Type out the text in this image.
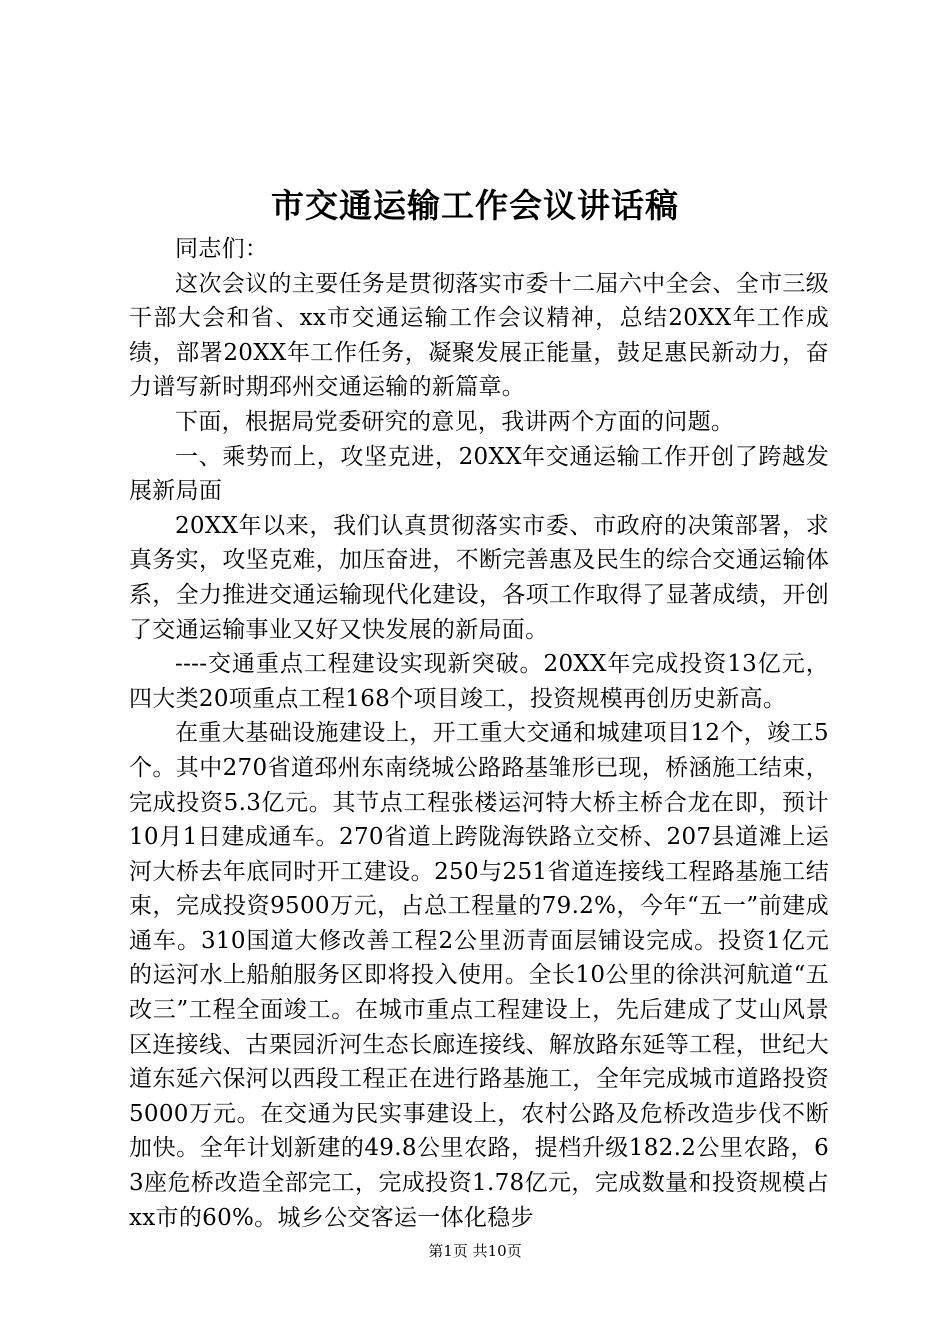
市交通运输工作会议讲话稿

同志们：

这次会议的主要任务是贯彻落实市委十二届六中全会、全市三级干部大会和省、xx市交通运输工作会议精神，总结20XX年工作成绩，部署20XX年工作任务，凝聚发展正能量，鼓足惠民新动力，奋力谱写新时期邳州交通运输的新篇章。

下面，根据局党委研究的意见，我讲两个方面的问题。

一、乘势而上，攻坚克进，20XX年交通运输工作开创了跨越发展新局面

20XX年以来，我们认真贯彻落实市委、市政府的决策部署，求真务实，攻坚克难，加压奋进，不断完善惠及民生的综合交通运输体系，全力推进交通运输现代化建设，各项工作取得了显著成绩，开创了交通运输事业又好又快发展的新局面。

----交通重点工程建设实现新突破。20XX年完成投资13亿元，四大类20项重点工程168个项目竣工，投资规模再创历史新高。

在重大基础设施建设上，开工重大交通和城建项目12个，竣工5个。其中270省道邳州东南绕城公路路基雏形已现，桥涵施工结束，完成投资5.3亿元。其节点工程张楼运河特大桥主桥合龙在即，预计10月1日建成通车。270省道上跨陇海铁路立交桥、207县道滩上运河大桥去年底同时开工建设。250与251省道连接线工程路基施工结束，完成投资9500万元，占总工程量的79.2%，今年“五一”前建成通车。310国道大修改善工程2公里沥青面层铺设完成。投资1亿元的运河水上船舶服务区即将投入使用。全长10公里的徐洪河航道“五改三”工程全面竣工。在城市重点工程建设上，先后建成了艾山风景区连接线、古栗园沂河生态长廊连接线、解放路东延等工程，世纪大道东延六保河以西段工程正在进行路基施工，全年完成城市道路投资5000万元。在交通为民实事建设上，农村公路及危桥改造步伐不断加快。全年计划新建的49.8公里农路，提档升级182.2公里农路，63座危桥改造全部完工，完成投资1.78亿元，完成数量和投资规模占xx市的60%。城乡公交客运一体化稳步

第1页 共10页
